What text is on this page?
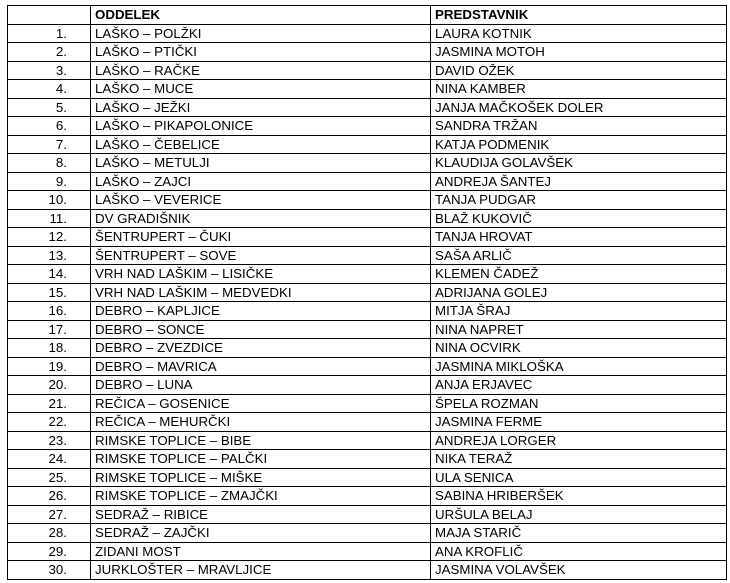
	ODDELEK	PREDSTAVNIK
1.	LAŠKO – POLŽKI	LAURA KOTNIK
2.	LAŠKO – PTIČKI	JASMINA MOTOH
3.	LAŠKO – RAČKE	DAVID OŽEK
4.	LAŠKO – MUCE	NINA KAMBER
5.	LAŠKO – JEŽKI	JANJA MAČKOŠEK DOLER
6.	LAŠKO – PIKAPOLONICE	SANDRA TRŽAN
7.	LAŠKO – ČEBELICE	KATJA PODMENIK
8.	LAŠKO – METULJI	KLAUDIJA GOLAVŠEK
9.	LAŠKO – ZAJCI	ANDREJA ŠANTEJ
10.	LAŠKO – VEVERICE	TANJA PUDGAR
11.	DV GRADIŠNIK	BLAŽ KUKOVIČ
12.	ŠENTRUPERT – ČUKI	TANJA HROVAT
13.	ŠENTRUPERT – SOVE	SAŠA ARLIČ
14.	VRH NAD LAŠKIM – LISIČKE	KLEMEN ČADEŽ
15.	VRH NAD LAŠKIM – MEDVEDKI	ADRIJANA GOLEJ
16.	DEBRO – KAPLJICE	MITJA ŠRAJ
17.	DEBRO – SONCE	NINA NAPRET
18.	DEBRO – ZVEZDICE	NINA OCVIRK
19.	DEBRO – MAVRICA	JASMINA MIKLOŠKA
20.	DEBRO – LUNA	ANJA ERJAVEC
21.	REČICA – GOSENICE	ŠPELA ROZMAN
22.	REČICA – MEHURČKI	JASMINA FERME
23.	RIMSKE TOPLICE – BIBE	ANDREJA LORGER
24.	RIMSKE TOPLICE – PALČKI	NIKA TERAŽ
25.	RIMSKE TOPLICE – MIŠKE	ULA SENICA
26.	RIMSKE TOPLICE – ZMAJČKI	SABINA HRIBERŠEK
27.	SEDRAŽ – RIBICE	URŠULA BELAJ
28.	SEDRAŽ – ZAJČKI	MAJA STARIČ
29.	ZIDANI MOST	ANA KROFLIČ
30.	JURKLOŠTER – MRAVLJICE	JASMINA VOLAVŠEK
